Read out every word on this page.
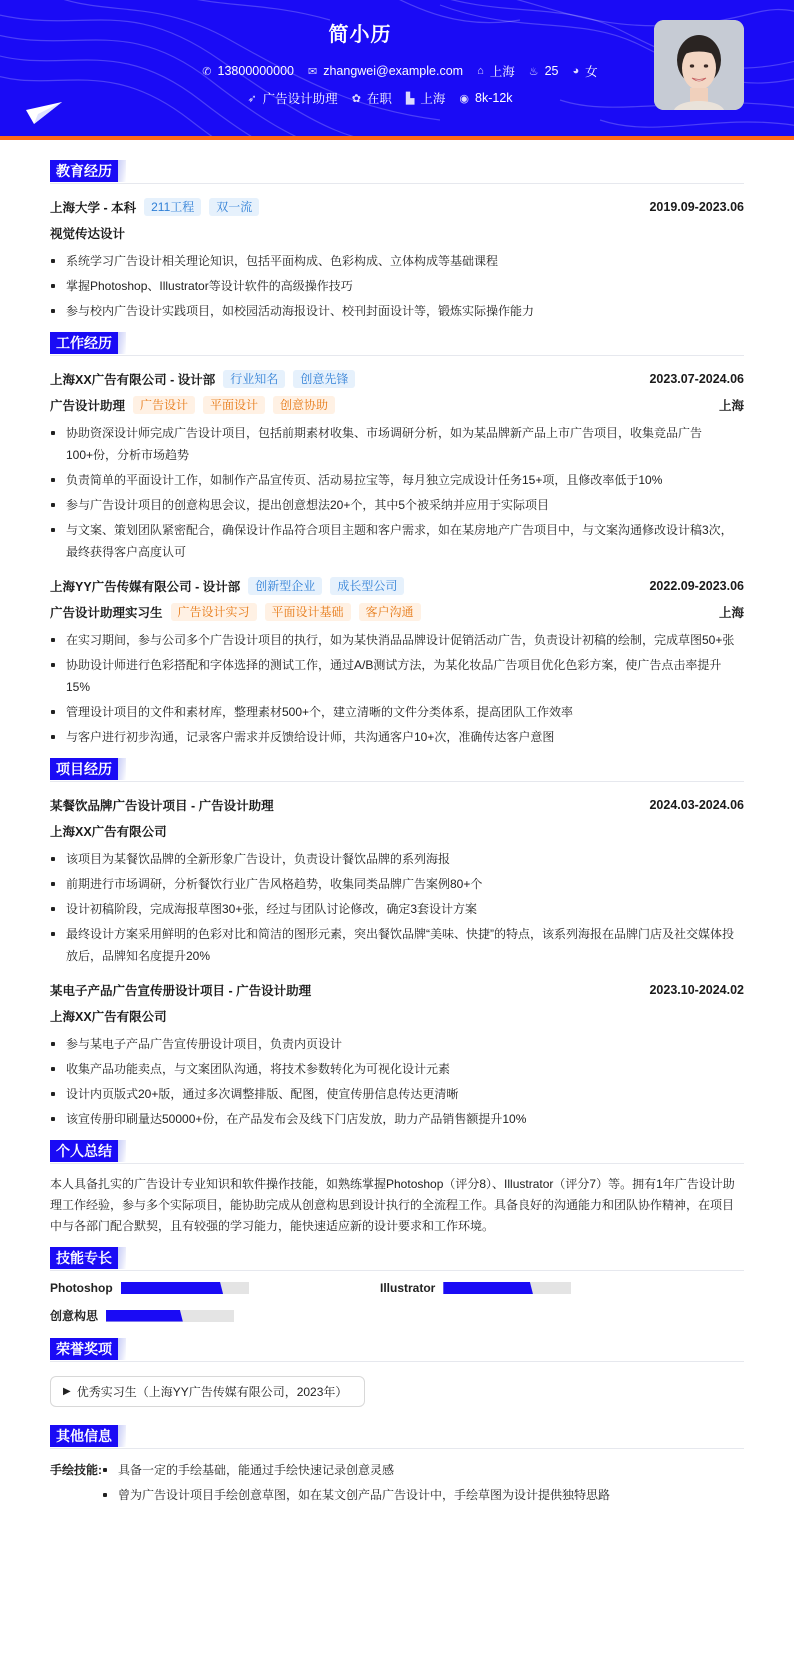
简小历
✆ 13800000000 ✉ zhangwei@example.com ⌂ 上海 ♨ 25 ◕ 女
➶ 广告设计助理 ✿ 在职 ▙ 上海 ◉ 8k-12k
教育经历
上海大学 - 本科	211工程	双一流	2019.09-2023.06
视觉传达设计
系统学习广告设计相关理论知识，包括平面构成、色彩构成、立体构成等基础课程
掌握Photoshop、Illustrator等设计软件的高级操作技巧
参与校内广告设计实践项目，如校园活动海报设计、校刊封面设计等，锻炼实际操作能力
工作经历
上海XX广告有限公司 - 设计部	行业知名	创意先锋	2023.07-2024.06
广告设计助理	广告设计	平面设计	创意协助	上海
协助资深设计师完成广告设计项目，包括前期素材收集、市场调研分析，如为某品牌新产品上市广告项目，收集竞品广告100+份，分析市场趋势
负责简单的平面设计工作，如制作产品宣传页、活动易拉宝等，每月独立完成设计任务15+项，且修改率低于10%
参与广告设计项目的创意构思会议，提出创意想法20+个，其中5个被采纳并应用于实际项目
与文案、策划团队紧密配合，确保设计作品符合项目主题和客户需求，如在某房地产广告项目中，与文案沟通修改设计稿3次，最终获得客户高度认可
上海YY广告传媒有限公司 - 设计部	创新型企业	成长型公司	2022.09-2023.06
广告设计助理实习生	广告设计实习	平面设计基础	客户沟通	上海
在实习期间，参与公司多个广告设计项目的执行，如为某快消品品牌设计促销活动广告，负责设计初稿的绘制，完成草图50+张
协助设计师进行色彩搭配和字体选择的测试工作，通过A/B测试方法，为某化妆品广告项目优化色彩方案，使广告点击率提升15%
管理设计项目的文件和素材库，整理素材500+个，建立清晰的文件分类体系，提高团队工作效率
与客户进行初步沟通，记录客户需求并反馈给设计师，共沟通客户10+次，准确传达客户意图
项目经历
某餐饮品牌广告设计项目 - 广告设计助理	2024.03-2024.06
上海XX广告有限公司
该项目为某餐饮品牌的全新形象广告设计，负责设计餐饮品牌的系列海报
前期进行市场调研，分析餐饮行业广告风格趋势，收集同类品牌广告案例80+个
设计初稿阶段，完成海报草图30+张，经过与团队讨论修改，确定3套设计方案
最终设计方案采用鲜明的色彩对比和简洁的图形元素，突出餐饮品牌“美味、快捷”的特点，该系列海报在品牌门店及社交媒体投放后，品牌知名度提升20%
某电子产品广告宣传册设计项目 - 广告设计助理	2023.10-2024.02
上海XX广告有限公司
参与某电子产品广告宣传册设计项目，负责内页设计
收集产品功能卖点，与文案团队沟通，将技术参数转化为可视化设计元素
设计内页版式20+版，通过多次调整排版、配图，使宣传册信息传达更清晰
该宣传册印刷量达50000+份，在产品发布会及线下门店发放，助力产品销售额提升10%
个人总结

本人具备扎实的广告设计专业知识和软件操作技能，如熟练掌握Photoshop（评分8）、Illustrator（评分7）等。拥有1年广告设计助理工作经验，参与多个实际项目，能协助完成从创意构思到设计执行的全流程工作。具备良好的沟通能力和团队协作精神，在项目中与各部门配合默契，且有较强的学习能力，能快速适应新的设计要求和工作环境。

技能专长
Photoshop	Illustrator
创意构思
荣誉奖项
▶ 优秀实习生（上海YY广告传媒有限公司，2023年）
其他信息
手绘技能:	具备一定的手绘基础，能通过手绘快速记录创意灵感
曾为广告设计项目手绘创意草图，如在某文创产品广告设计中，手绘草图为设计提供独特思路
